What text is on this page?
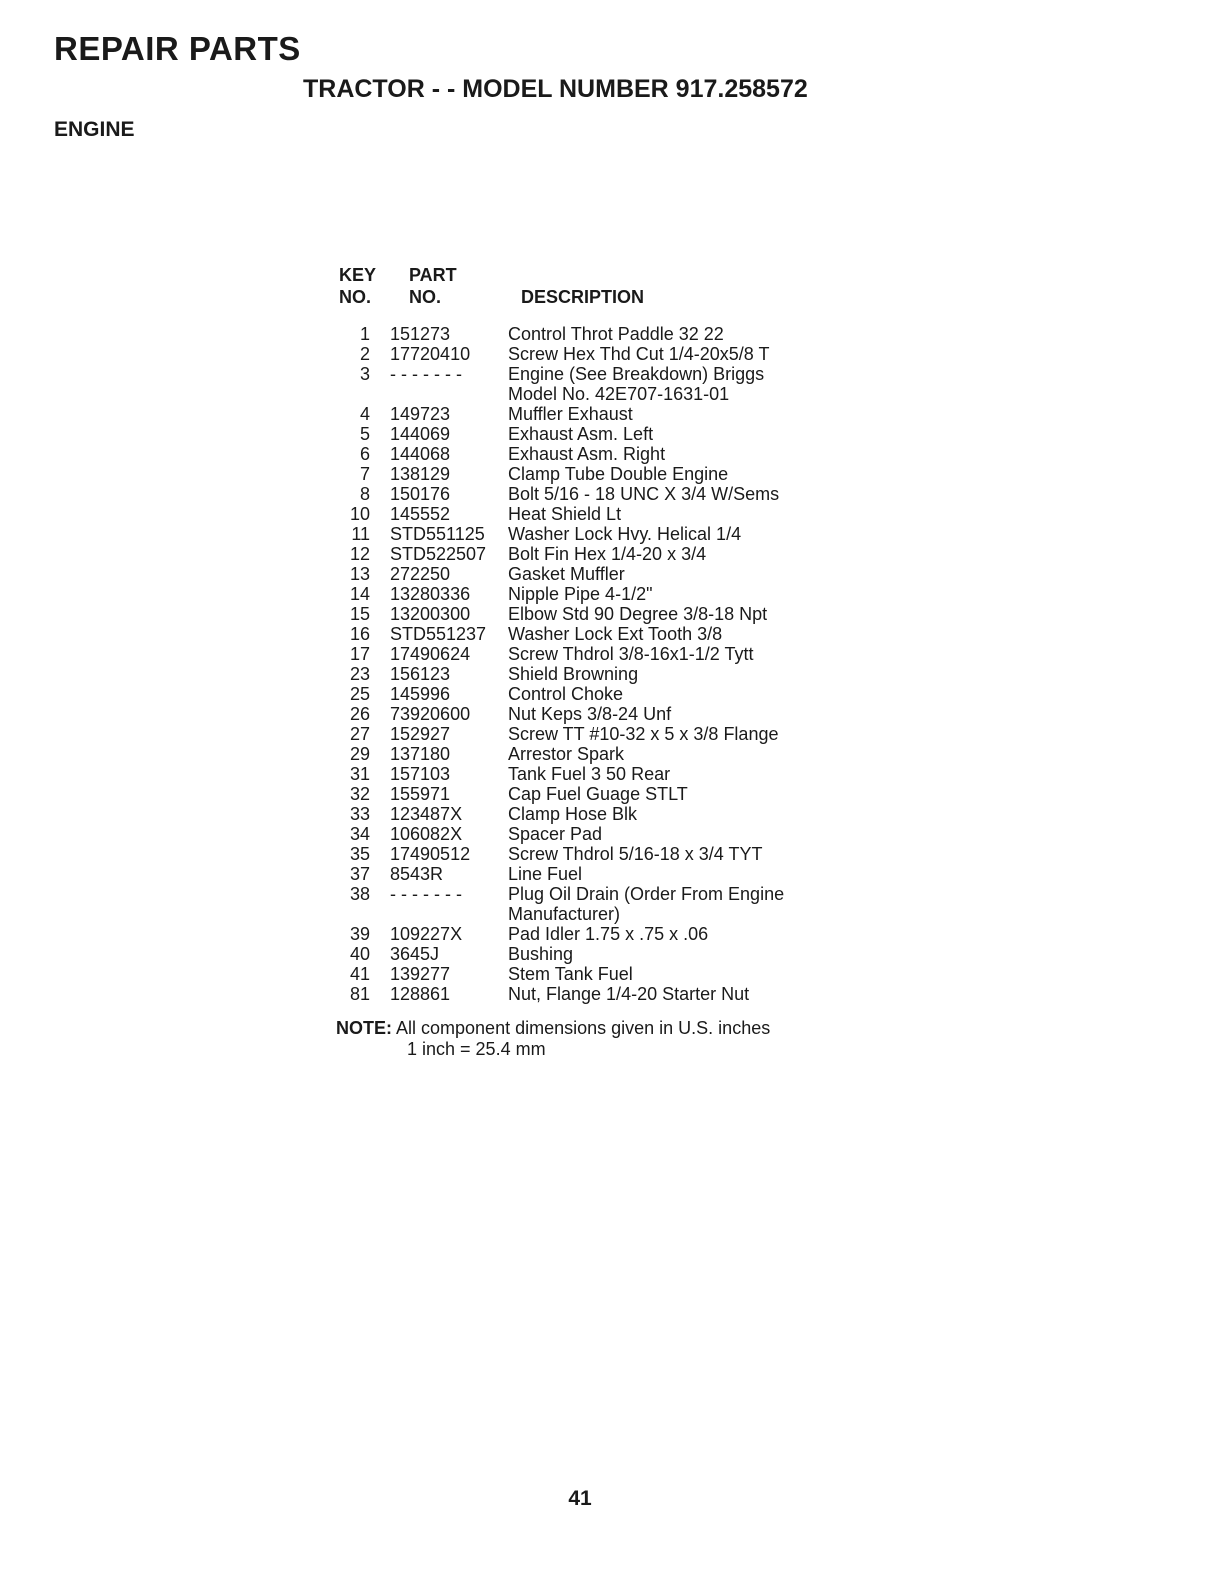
REPAIR PARTS
TRACTOR - - MODEL NUMBER 917.258572
ENGINE
KEY
NO.
PART
NO.	DESCRIPTION
1	151273	Control Throt Paddle 32 22
2	17720410	Screw Hex Thd Cut 1/4-20x5/8 T
3	- - - - - - -	Engine (See Breakdown) Briggs
Model No. 42E707-1631-01
4	149723	Muffler Exhaust
5	144069	Exhaust Asm. Left
6	144068	Exhaust Asm. Right
7	138129	Clamp Tube Double Engine
8	150176	Bolt 5/16 - 18 UNC X 3/4 W/Sems
10	145552	Heat Shield Lt
11	STD551125	Washer Lock Hvy. Helical 1/4
12	STD522507	Bolt Fin Hex 1/4-20 x 3/4
13	272250	Gasket Muffler
14	13280336	Nipple Pipe 4-1/2"
15	13200300	Elbow Std 90 Degree 3/8-18 Npt
16	STD551237	Washer Lock Ext Tooth 3/8
17	17490624	Screw Thdrol 3/8-16x1-1/2 Tytt
23	156123	Shield Browning
25	145996	Control Choke
26	73920600	Nut Keps 3/8-24 Unf
27	152927	Screw TT #10-32 x 5 x 3/8 Flange
29	137180	Arrestor Spark
31	157103	Tank Fuel 3 50 Rear
32	155971	Cap Fuel Guage STLT
33	123487X	Clamp Hose Blk
34	106082X	Spacer Pad
35	17490512	Screw Thdrol 5/16-18 x 3/4 TYT
37	8543R	Line Fuel
38	- - - - - - -	Plug Oil Drain (Order From Engine
Manufacturer)
39	109227X	Pad Idler 1.75 x .75 x .06
40	3645J	Bushing
41	139277	Stem Tank Fuel
81	128861	Nut, Flange 1/4-20 Starter Nut
NOTE: All component dimensions given in U.S. inches
1 inch = 25.4 mm
41
